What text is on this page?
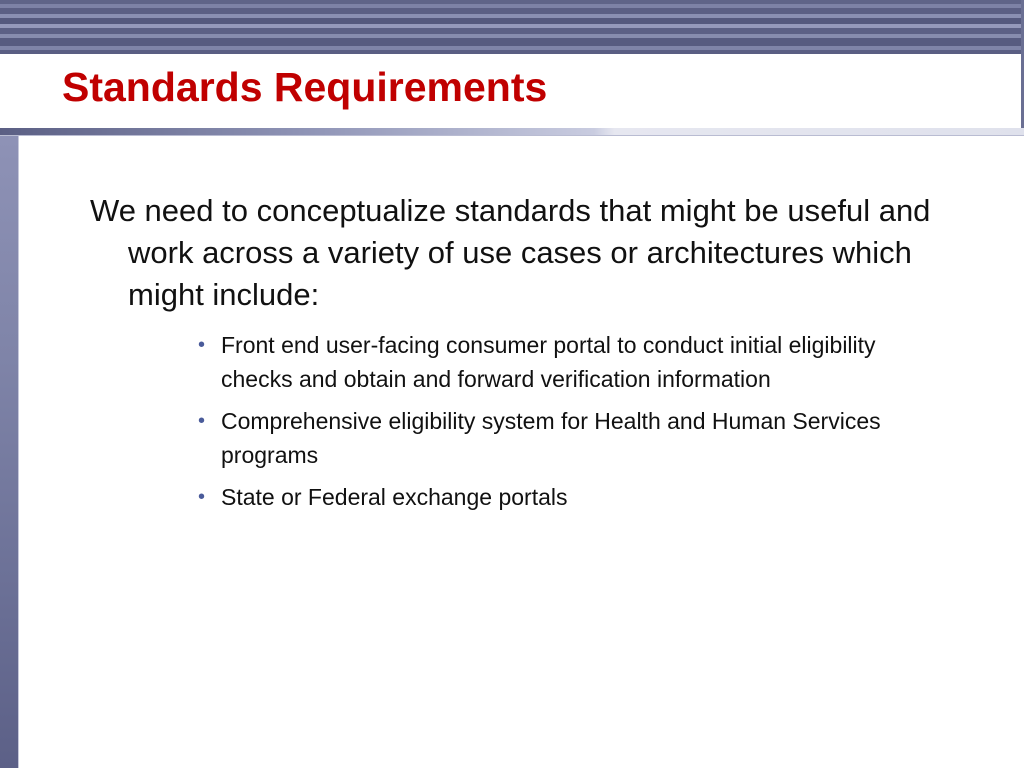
Standards Requirements

We need to conceptualize standards that might be useful and work across a variety of use cases or architectures which might include:

• Front end user-facing consumer portal to conduct initial eligibility checks and obtain and forward verification information
• Comprehensive eligibility system for Health and Human Services programs
• State or Federal exchange portals
